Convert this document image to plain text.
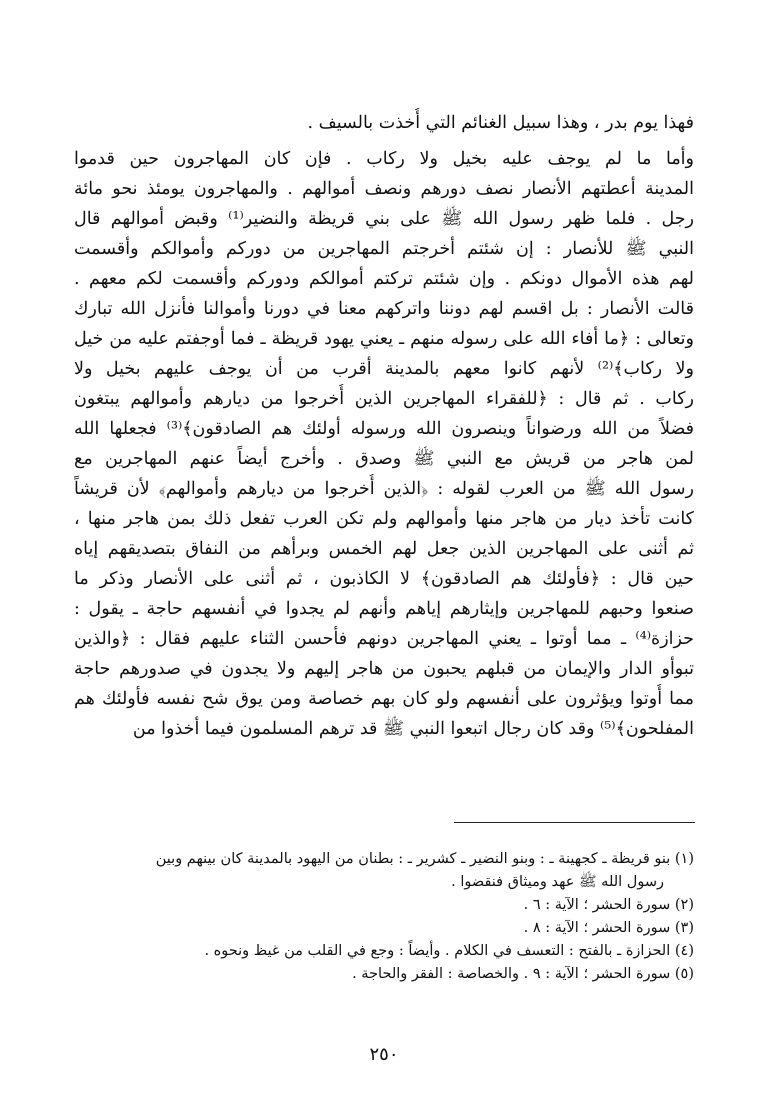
فهذا يوم بدر ، وهذا سبيل الغنائم التي أُخذت بالسيف .
وأما ما لم يوجف عليه بخيل ولا ركاب . فإن كان المهاجرون حين قدموا
المدينة أعطتهم الأنصار نصف دورهم ونصف أموالهم . والمهاجرون يومئذ نحو مائة
رجل . فلما ظهر رسول الله ﷺ على بني قريظة والنضير⁽¹⁾ وقبض أموالهم قال
النبي ﷺ للأنصار : إن شئتم أخرجتم المهاجرين من دوركم وأموالكم وأقسمت
لهم هذه الأموال دونكم . وإن شئتم تركتم أموالكم ودوركم وأقسمت لكم معهم .
قالت الأنصار : بل اقسم لهم دوننا واتركهم معنا في دورنا وأموالنا فأنزل الله تبارك
وتعالى : ﴿ما أفاء الله على رسوله منهم ـ يعني يهود قريظة ـ فما أوجفتم عليه من خيل
ولا ركاب﴾⁽²⁾ لأنهم كانوا معهم بالمدينة أقرب من أن يوجف عليهم بخيل ولا
ركاب . ثم قال : ﴿للفقراء المهاجرين الذين أُخرجوا من ديارهم وأموالهم يبتغون
فضلاً من الله ورضواناً وينصرون الله ورسوله أولئك هم الصادقون﴾⁽³⁾ فجعلها الله
لمن هاجر من قريش مع النبي ﷺ وصدق . وأخرج أيضاً عنهم المهاجرين مع
رسول الله ﷺ من العرب لقوله : ﴿الذين أُخرجوا من ديارهم وأموالهم﴾ لأن قريشاً
كانت تأخذ ديار من هاجر منها وأموالهم ولم تكن العرب تفعل ذلك بمن هاجر منها ،
ثم أثنى على المهاجرين الذين جعل لهم الخمس وبرأهم من النفاق بتصديقهم إياه
حين قال : ﴿فأولئك هم الصادقون﴾ لا الكاذبون ، ثم أثنى على الأنصار وذكر ما
صنعوا وحبهم للمهاجرين وإيثارهم إياهم وأنهم لم يجدوا في أنفسهم حاجة ـ يقول :
حزازة⁽⁴⁾ ـ مما أوتوا ـ يعني المهاجرين دونهم فأحسن الثناء عليهم فقال : ﴿والذين
تبوأو الدار والإيمان من قبلهم يحبون من هاجر إليهم ولا يجدون في صدورهم حاجة
مما أُوتوا ويؤثرون على أنفسهم ولو كان بهم خصاصة ومن يوق شح نفسه فأولئك هم
المفلحون﴾⁽⁵⁾ وقد كان رجال اتبعوا النبي ﷺ قد ترهم المسلمون فيما أخذوا من
(١) بنو قريظة ـ كجهينة ـ : وبنو النضير ـ كشرير ـ : بطنان من اليهود بالمدينة كان بينهم وبين
رسول الله ﷺ عهد وميثاق فنقضوا .
(٢) سورة الحشر ؛ الآية : ٦ .
(٣) سورة الحشر ؛ الآية : ٨ .
(٤) الحزازة ـ بالفتح : التعسف في الكلام . وأيضاً : وجع في القلب من غيظ ونحوه .
(٥) سورة الحشر ؛ الآية : ٩ . والخصاصة : الفقر والحاجة .
٢٥٠
